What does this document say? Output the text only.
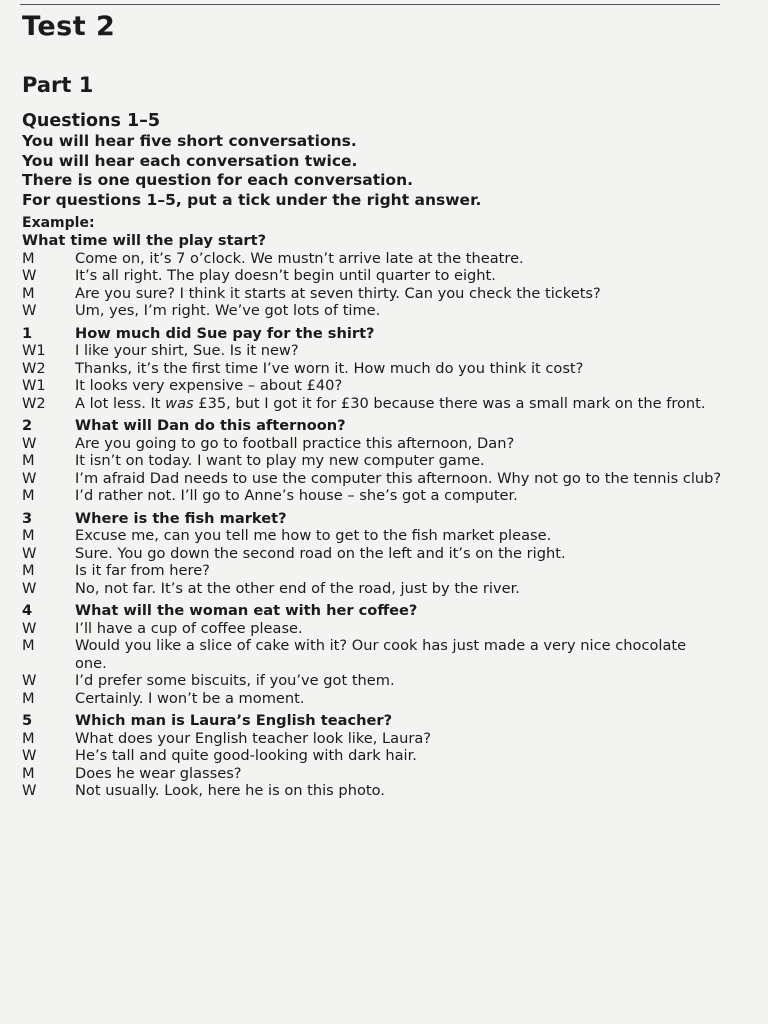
Test 2
Part 1
Questions 1–5

You will hear five short conversations.

You will hear each conversation twice.

There is one question for each conversation.

For questions 1–5, put a tick under the right answer.

Example:

What time will the play start?
M	Come on, it’s 7 o’clock. We mustn’t arrive late at the theatre.
W	It’s all right. The play doesn’t begin until quarter to eight.
M	Are you sure? I think it starts at seven thirty. Can you check the tickets?
W	Um, yes, I’m right. We’ve got lots of time.
1	How much did Sue pay for the shirt?
W1	I like your shirt, Sue. Is it new?
W2	Thanks, it’s the first time I’ve worn it. How much do you think it cost?
W1	It looks very expensive – about £40?
W2	A lot less. It was £35, but I got it for £30 because there was a small mark on the front.
2	What will Dan do this afternoon?
W	Are you going to go to football practice this afternoon, Dan?
M	It isn’t on today. I want to play my new computer game.
W	I’m afraid Dad needs to use the computer this afternoon. Why not go to the tennis club?
M	I’d rather not. I’ll go to Anne’s house – she’s got a computer.
3	Where is the fish market?
M	Excuse me, can you tell me how to get to the fish market please.
W	Sure. You go down the second road on the left and it’s on the right.
M	Is it far from here?
W	No, not far. It’s at the other end of the road, just by the river.
4	What will the woman eat with her coffee?
W	I’ll have a cup of coffee please.
M	Would you like a slice of cake with it? Our cook has just made a very nice chocolate one.
W	I’d prefer some biscuits, if you’ve got them.
M	Certainly. I won’t be a moment.
5	Which man is Laura’s English teacher?
M	What does your English teacher look like, Laura?
W	He’s tall and quite good-looking with dark hair.
M	Does he wear glasses?
W	Not usually. Look, here he is on this photo.
